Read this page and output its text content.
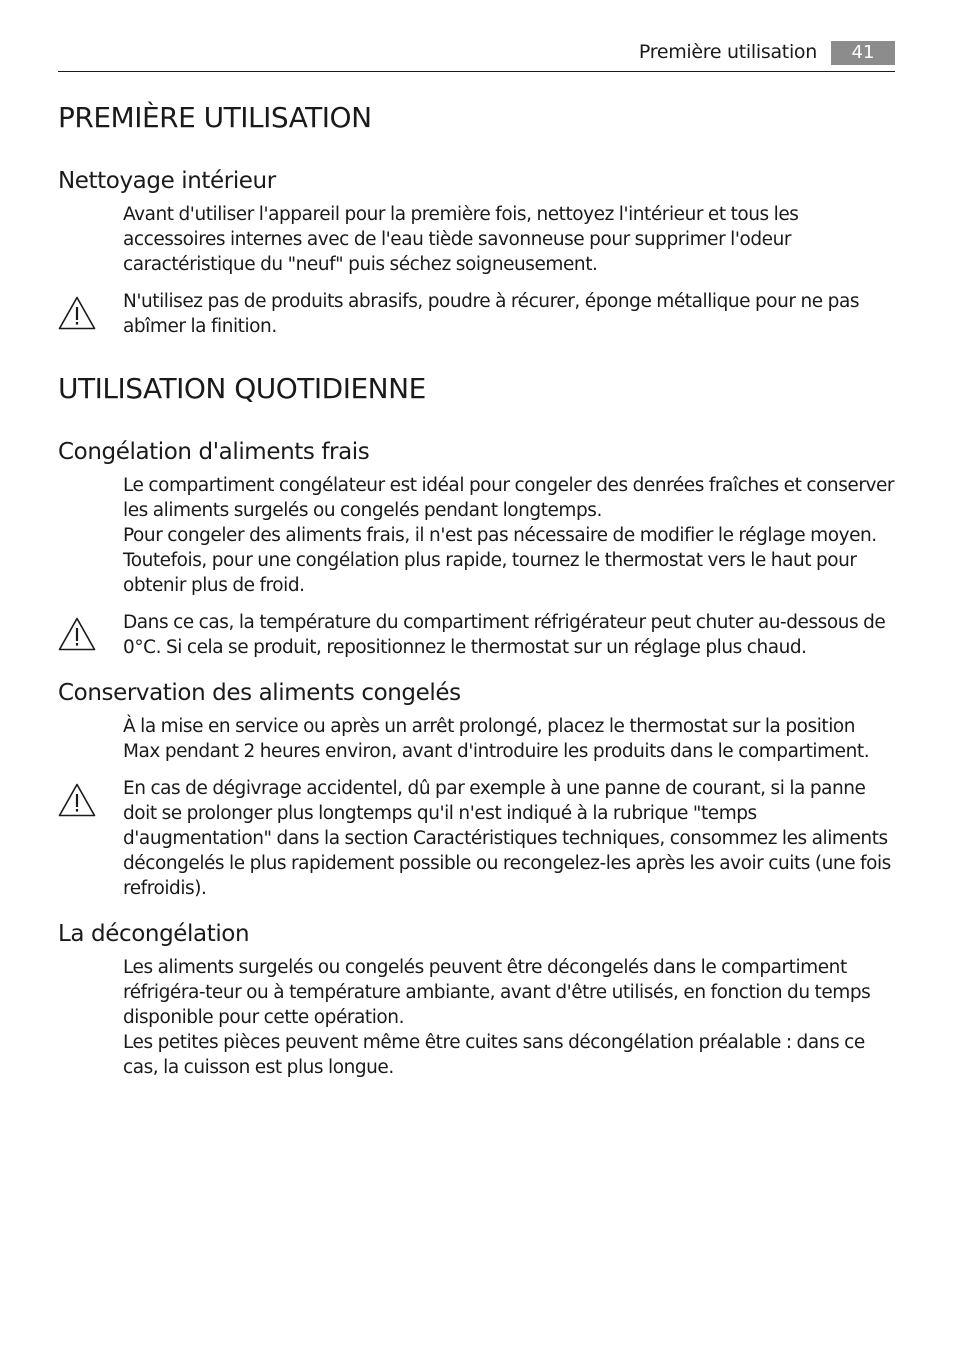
Première utilisation	41
PREMIÈRE UTILISATION
Nettoyage intérieur

Avant d'utiliser l'appareil pour la première fois, nettoyez l'intérieur et tous les accessoires internes avec de l'eau tiède savonneuse pour supprimer l'odeur caractéristique du "neuf" puis séchez soigneusement.

N'utilisez pas de produits abrasifs, poudre à récurer, éponge métallique pour ne pas abîmer la finition.

UTILISATION QUOTIDIENNE
Congélation d'aliments frais

Le compartiment congélateur est idéal pour congeler des denrées fraîches et conserver les aliments surgelés ou congelés pendant longtemps.

Pour congeler des aliments frais, il n'est pas nécessaire de modifier le réglage moyen.

Toutefois, pour une congélation plus rapide, tournez le thermostat vers le haut pour obtenir plus de froid.

Dans ce cas, la température du compartiment réfrigérateur peut chuter au-dessous de 0°C. Si cela se produit, repositionnez le thermostat sur un réglage plus chaud.

Conservation des aliments congelés

À la mise en service ou après un arrêt prolongé, placez le thermostat sur la position Max pendant 2 heures environ, avant d'introduire les produits dans le compartiment.

En cas de dégivrage accidentel, dû par exemple à une panne de courant, si la panne doit se prolonger plus longtemps qu'il n'est indiqué à la rubrique "temps d'augmentation" dans la section Caractéristiques techniques, consommez les aliments décongelés le plus rapidement possible ou recongelez-les après les avoir cuits (une fois refroidis).

La décongélation

Les aliments surgelés ou congelés peuvent être décongelés dans le compartiment réfrigéra-teur ou à température ambiante, avant d'être utilisés, en fonction du temps disponible pour cette opération.

Les petites pièces peuvent même être cuites sans décongélation préalable : dans ce cas, la cuisson est plus longue.
